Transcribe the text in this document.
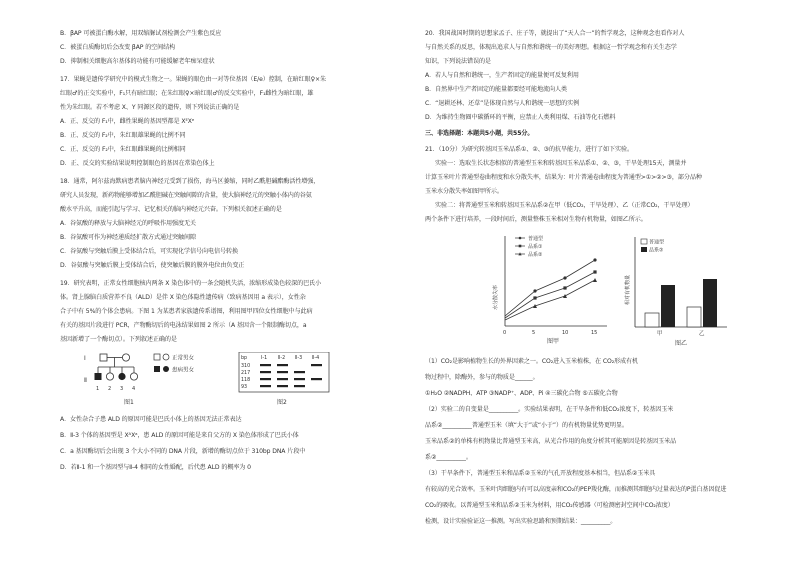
B．βAP 可被蛋白酶水解，用双缩脲试剂检测会产生紫色反应
C．被蛋白质酶切后会改变 βAP 的空间结构
D．抑制相关细胞高尔基体的功能有可能缓解老年痴呆症状
17．果蝇是遗传学研究中的模式生物之一。果蝇的眼色由一对等位基因（E/e）控制，在暗红眼♀×朱
红眼♂的正交实验中，F₁只有暗红眼；在朱红眼♀×暗红眼♂的反交实验中，F₁雌性为暗红眼，雄
性为朱红眼。若不考虑 X、Y 同源区段的遗传，则下列说法正确的是
A．正、反交的 F₁中，雌性果蝇的基因型都是 XᴱXᵉ
B．正、反交的 F₂中，朱红眼雄果蝇的比例不同
C．正、反交的 F₂中，朱红眼雌果蝇的比例相同
D．正、反交的实验结果说明控制眼色的基因在常染色体上
18．通常，阿尔兹海默病患者脑内神经元受到了损伤，海马区萎缩，同时乙酰胆碱酯酶活性增强，
研究人员发现，新药物能够增加乙酰胆碱在突触间隙的含量，使大脑神经元的突触小体内的谷氨
酸水平升高，而能引起与学习、记忆相关的脑内神经元兴奋。下列相关叙述正确的是
A．谷氨酸的释放与大脑神经元的呼吸作用强度无关
B．谷氨酸可作为神经递质经扩散方式通过突触间隙
C．谷氨酸与突触后膜上受体结合后，可实现化学信号向电信号转换
D．谷氨酸与突触后膜上受体结合后，使突触后膜的膜外电位由负变正
19．研究表明，正常女性细胞核内两条 X 染色体中的一条会随机失活，浓缩形成染色较深的巴氏小
体。肾上腺脑白质营养不良（ALD）是伴 X 染色体隐性遗传病（致病基因用 a 表示），女性杂
合子中有 5%的个体会患病。下图 1 为某患者家族遗传系谱图，利用图甲四位女性细胞中与此病
有关的基因片段进行 PCR，产物酶切后的电泳结果如图 2 所示（A 基因含一个限制酶切点，a
基因新增了一个酶切点）。下列叙述正确的是
Ⅰ
Ⅱ
1 2 3 4
正常男女
患病男女
图1
bp	Ⅰ-1 Ⅱ-2 Ⅱ-3 Ⅱ-4
310
217
118
93
图2
A．女性杂合子患 ALD 的原因可能是巴氏小体上的基因无法正常表达
B．Ⅱ-3 个体的基因型是 XᴬXᵃ，患 ALD 的原因可能是来自父方的 X 染色体形成了巴氏小体
C．a 基因酶切后会出现 3 个大小不同的 DNA 片段，新增的酶切点位于 310bp DNA 片段中
D．若Ⅱ-1 和一个基因型与Ⅱ-4 相同的女性婚配，后代患 ALD 的概率为 0
20．我国战国时期的思想家孟子、庄子等，就提出了“天人合一”的哲学观念，这种观念也看作对人
与自然关系的反思，体现出追求人与自然和谐统一的美好理想。根据这一哲学观念和有关生态学
知识，下列说法错误的是
A．若人与自然和谐统一，生产者固定的能量便可反复利用
B．自然界中生产者固定的能量都要经可能地流向人类
C．“退耕还林、还草”是体现自然与人和谐统一思想的实例
D．为维持生物圈中碳循环的平衡，应禁止人类利用煤、石油等化石燃料
三、非选择题：本题共5小题，共55分。
21．（10分）为研究转基因玉米品系①、②、③的抗旱能力，进行了如下实验。
实验一：选取生长状态相似的普通型玉米和转基因玉米品系①、②、③，干旱处理15天，测量并
计算玉米叶片普通型卷曲程度和水分散失率，结果为：叶片普通卷曲程度为普通型>①>②>③，部分品种
玉米水分散失率如图甲所示。
实验二：将普通型玉米和转基因玉米品系②在甲（低CO₂，干旱处理）、乙（正常CO₂，干旱处理）
两个条件下进行培养，一段时间后，测量整株玉米相对生物有机物量，如图乙所示。
水分散失率
0	5	10	15
普通型
品系①
品系②
图甲
相对有机物量
甲	乙
普通型
品系②
图乙
（1）CO₂是影响植物生长的外界因素之一。CO₂进入玉米植株，在 CO₂形成有机
物过程中，除酶外，参与的物质是______。
①H₂O ②NADPH、ATP ③NADP⁺、ADP、Pi ④三碳化合物 ⑤五碳化合物
（2）实验二的自变量是__________。实验结果表明，在干旱条件和低CO₂浓度下，转基因玉米
品系②__________普通型玉米（填“大于”或“小于”）的有机物量优势更明显。
玉米品系②的单株有机物量比普通型玉米高，从光合作用的角度分析其可能原因是转基因玉米品
系②__________。
（3）干旱条件下，普通型玉米和品系②玉米的气孔开放程度基本相当，但品系②玉米具
有较高的光合效率。玉米叶肉细胞内有可以高度亲和CO₂的PEP羧化酶，而推测其细胞内过量表达的P蛋白基因促进
CO₂的吸收。以普通型玉米和品系②玉米为材料，用CO₂传感器（可检测密封空间中CO₂浓度）
检测，设计实验验证这一推测。写出实验思路和预期结果：__________。
